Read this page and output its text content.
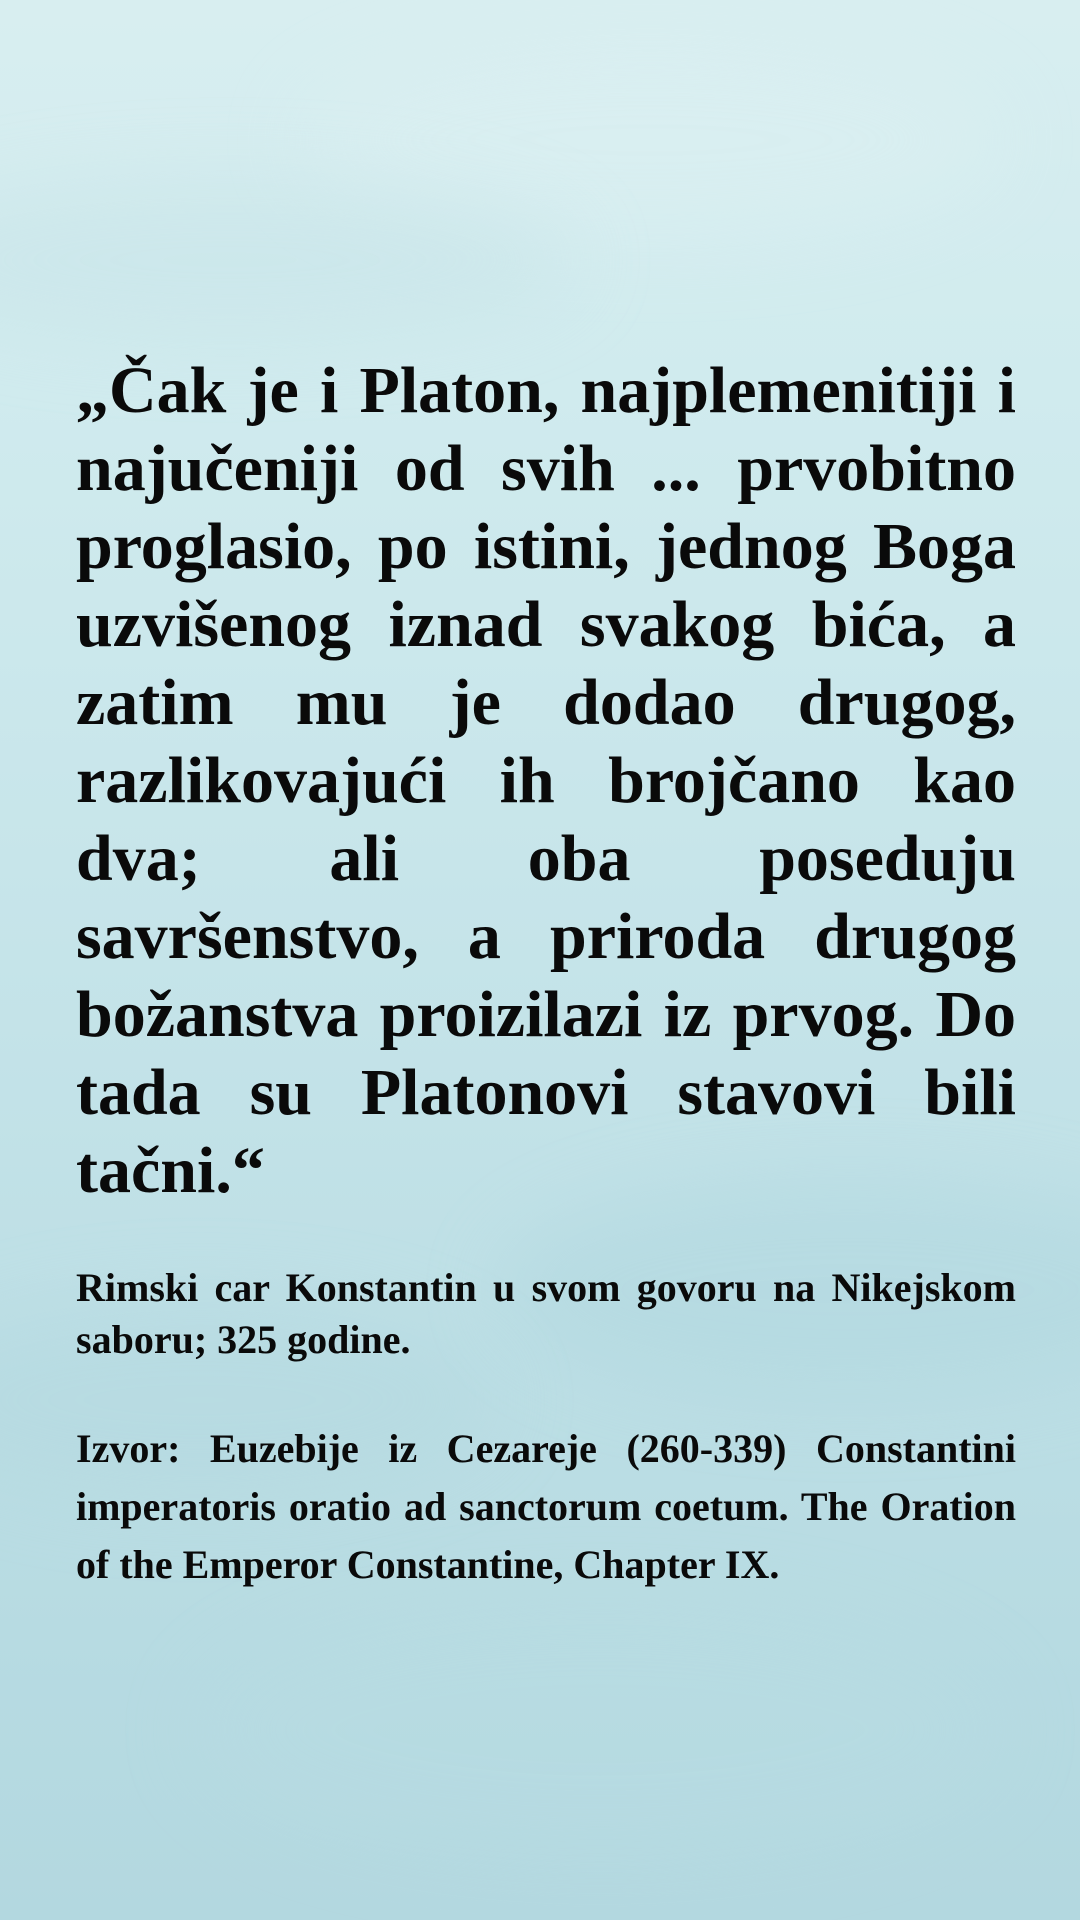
„Čak je i Platon, najplemenitiji i najučeniji od svih ... prvobitno proglasio, po istini, jednog Boga uzvišenog iznad svakog bića, a zatim mu je dodao drugog, razlikovajući ih brojčano kao dva; ali oba poseduju savršenstvo, a priroda drugog božanstva proizilazi iz prvog. Do tada su Platonovi stavovi bili tačni.“

Rimski car Konstantin u svom govoru na Nikejskom saboru; 325 godine.
Izvor: Euzebije iz Cezareje (260-339) Constantini imperatoris oratio ad sanctorum coetum. The Oration of the Emperor Constantine, Chapter IX.
